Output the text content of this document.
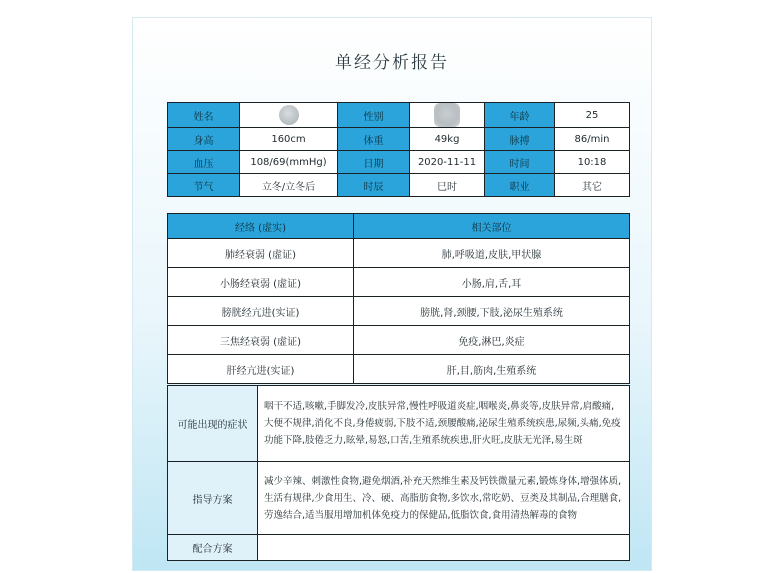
单经分析报告
姓名		性别		年龄	25
身高	160cm	体重	49kg	脉搏	86/min
血压	108/69(mmHg)	日期	2020-11-11	时间	10:18
节气	立冬/立冬后	时辰	巳时	职业	其它
经络 (虚实)	相关部位
肺经衰弱 (虚证)	肺,呼吸道,皮肤,甲状腺
小肠经衰弱 (虚证)	小肠,肩,舌,耳
膀胱经亢进(实证)	膀胱,肾,颈腰,下肢,泌尿生殖系统
三焦经衰弱 (虚证)	免疫,淋巴,炎症
肝经亢进(实证)	肝,目,筋肉,生殖系统
可能出现的症状	咽干不适,咳嗽,手脚发冷,皮肤异常,慢性呼吸道炎症,咽喉炎,鼻炎等,皮肤异常,肩酸痛,大便不规律,消化不良,身倦疲弱,下肢不适,颈腰酸痛,泌尿生殖系统疾患,尿频,头痛,免疫功能下降,肢倦乏力,眩晕,易怒,口苦,生殖系统疾患,肝火旺,皮肤无光泽,易生斑
指导方案	减少辛辣、刺激性食物,避免烟酒,补充天然维生素及钙铁微量元素,锻炼身体,增强体质,生活有规律,少食用生、冷、硬、高脂肪食物,多饮水,常吃奶、豆类及其制品,合理膳食,劳逸结合,适当服用增加机体免疫力的保健品,低脂饮食,食用清热解毒的食物
配合方案	
